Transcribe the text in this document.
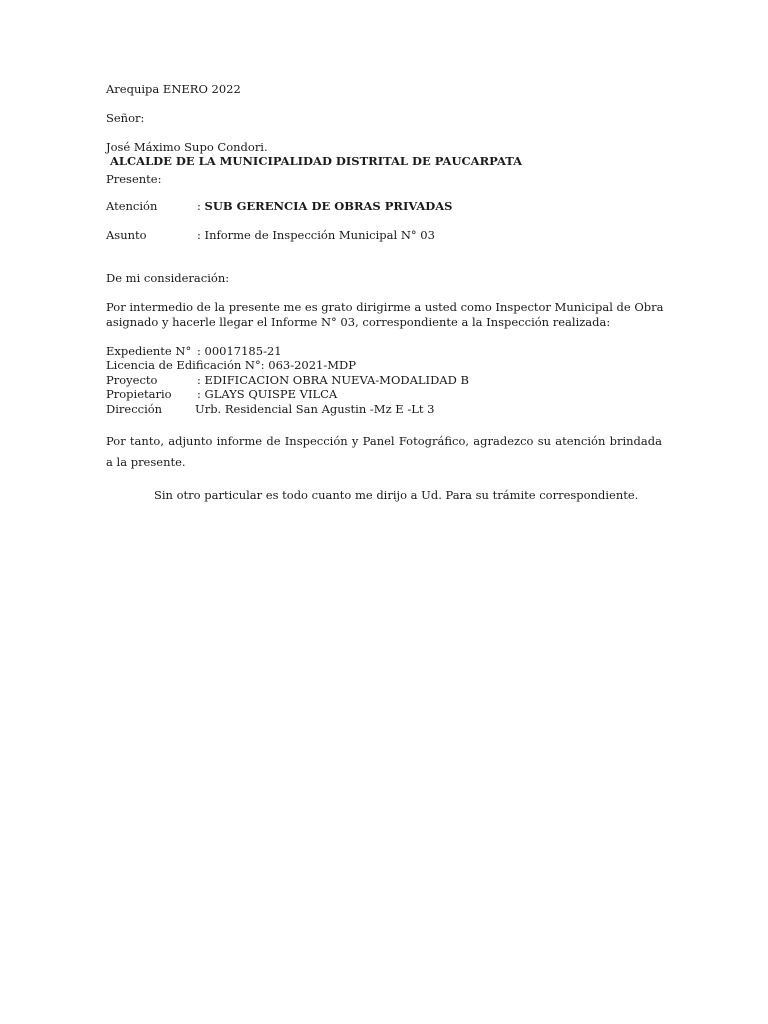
Arequipa ENERO 2022
Señor:
José Máximo Supo Condori.
ALCALDE DE LA MUNICIPALIDAD DISTRITAL DE PAUCARPATA
Presente:
Atención	: SUB GERENCIA DE OBRAS PRIVADAS
Asunto	: Informe de Inspección Municipal N° 03
De mi consideración:
Por intermedio de la presente me es grato dirigirme a usted como Inspector Municipal de Obra
asignado y hacerle llegar el Informe N° 03, correspondiente a la Inspección realizada:
Expediente N° : 00017185-21
Licencia de Edificación N°: 063-2021-MDP
Proyecto	: EDIFICACION OBRA NUEVA-MODALIDAD B
Propietario : GLAYS QUISPE VILCA
Dirección	Urb. Residencial San Agustin -Mz E -Lt 3
Por tanto, adjunto informe de Inspección y Panel Fotográfico, agradezco su atención brindada a la presente.
Sin otro particular es todo cuanto me dirijo a Ud. Para su trámite correspondiente.
